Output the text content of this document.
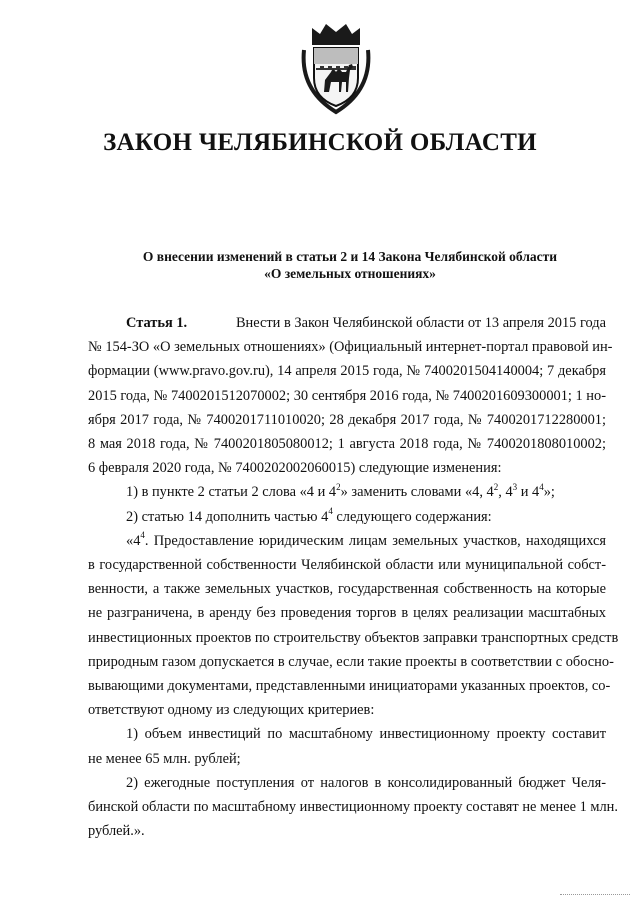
ЗАКОН ЧЕЛЯБИНСКОЙ ОБЛАСТИ
О внесении изменений в статьи 2 и 14 Закона Челябинской области
«О земельных отношениях»
Статья 1.	Внести в Закон Челябинской области от 13 апреля 2015 года
№ 154-ЗО «О земельных отношениях» (Официальный интернет-портал правовой ин-
формации (www.pravo.gov.ru), 14 апреля 2015 года, № 7400201504140004; 7 декабря
2015 года, № 7400201512070002; 30 сентября 2016 года, № 7400201609300001; 1 но-
ября 2017 года, № 7400201711010020; 28 декабря 2017 года, № 7400201712280001;
8 мая 2018 года, № 7400201805080012; 1 августа 2018 года, № 7400201808010002;
6 февраля 2020 года, № 7400202002060015) следующие изменения:
1) в пункте 2 статьи 2 слова «4 и $4^2$» заменить словами «4, $4^2$, $4^3$ и $4^4$»;
2) статью 14 дополнить частью $4^4$ следующего содержания:
«$4^4$. Предоставление юридическим лицам земельных участков, находящихся
в государственной собственности Челябинской области или муниципальной собст-
венности, а также земельных участков, государственная собственность на которые
не разграничена, в аренду без проведения торгов в целях реализации масштабных
инвестиционных проектов по строительству объектов заправки транспортных средств
природным газом допускается в случае, если такие проекты в соответствии с обосно-
вывающими документами, представленными инициаторами указанных проектов, со-
ответствуют одному из следующих критериев:
1) объем инвестиций по масштабному инвестиционному проекту составит
не менее 65 млн. рублей;
2) ежегодные поступления от налогов в консолидированный бюджет Челя-
бинской области по масштабному инвестиционному проекту составят не менее 1 млн.
рублей.».
